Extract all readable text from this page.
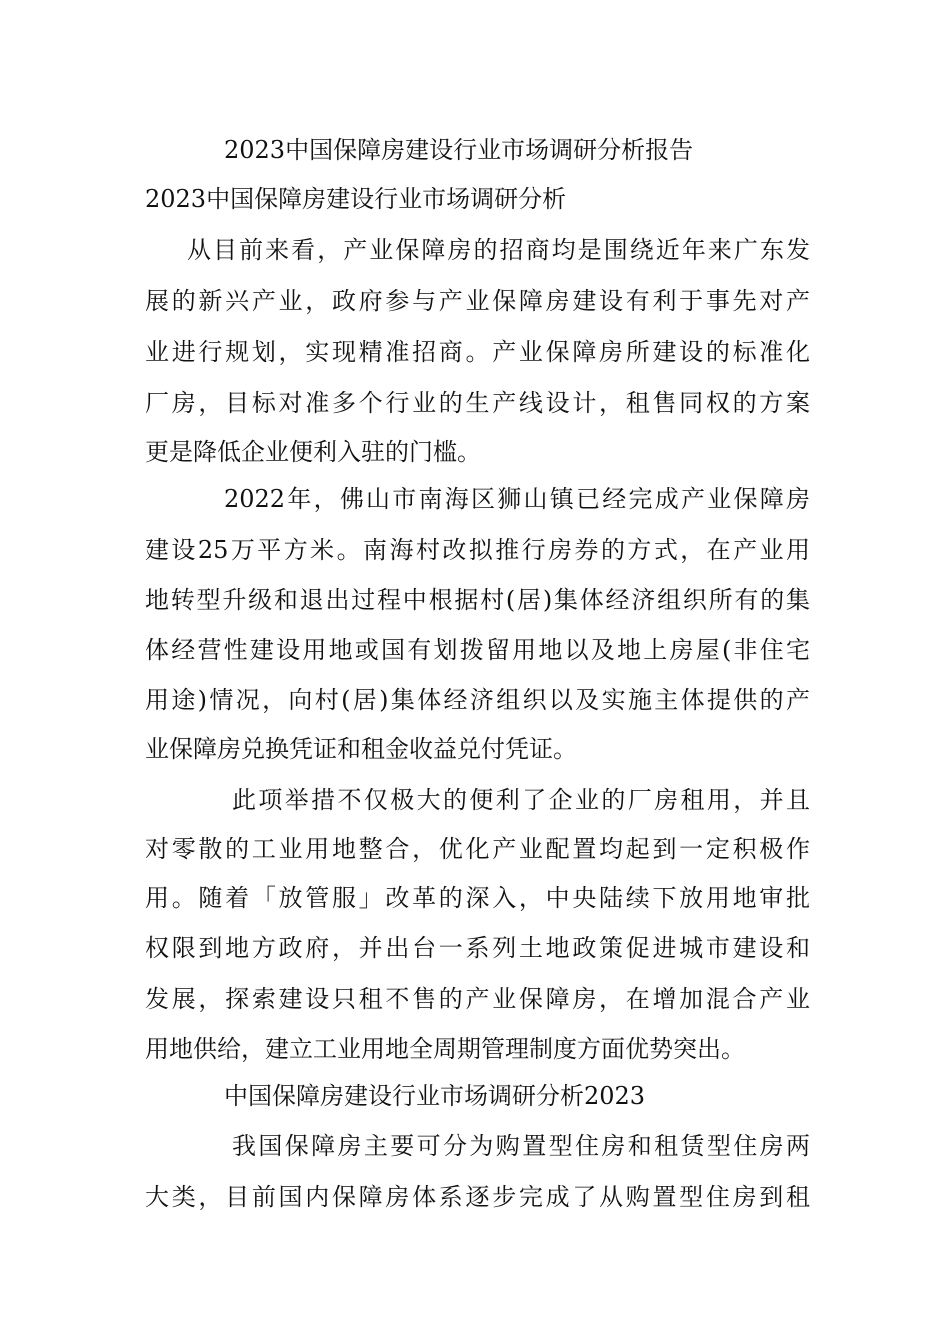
2023中国保障房建设行业市场调研分析报告
2023中国保障房建设行业市场调研分析
从目前来看，产业保障房的招商均是围绕近年来广东发
展的新兴产业，政府参与产业保障房建设有利于事先对产
业进行规划，实现精准招商。产业保障房所建设的标准化
厂房，目标对准多个行业的生产线设计，租售同权的方案
更是降低企业便利入驻的门槛。
2022年，佛山市南海区狮山镇已经完成产业保障房
建设25万平方米。南海村改拟推行房券的方式，在产业用
地转型升级和退出过程中根据村(居)集体经济组织所有的集
体经营性建设用地或国有划拨留用地以及地上房屋(非住宅
用途)情况，向村(居)集体经济组织以及实施主体提供的产
业保障房兑换凭证和租金收益兑付凭证。
此项举措不仅极大的便利了企业的厂房租用，并且
对零散的工业用地整合，优化产业配置均起到一定积极作
用。随着「放管服」改革的深入，中央陆续下放用地审批
权限到地方政府，并出台一系列土地政策促进城市建设和
发展，探索建设只租不售的产业保障房，在增加混合产业
用地供给，建立工业用地全周期管理制度方面优势突出。
中国保障房建设行业市场调研分析2023
我国保障房主要可分为购置型住房和租赁型住房两
大类，目前国内保障房体系逐步完成了从购置型住房到租
